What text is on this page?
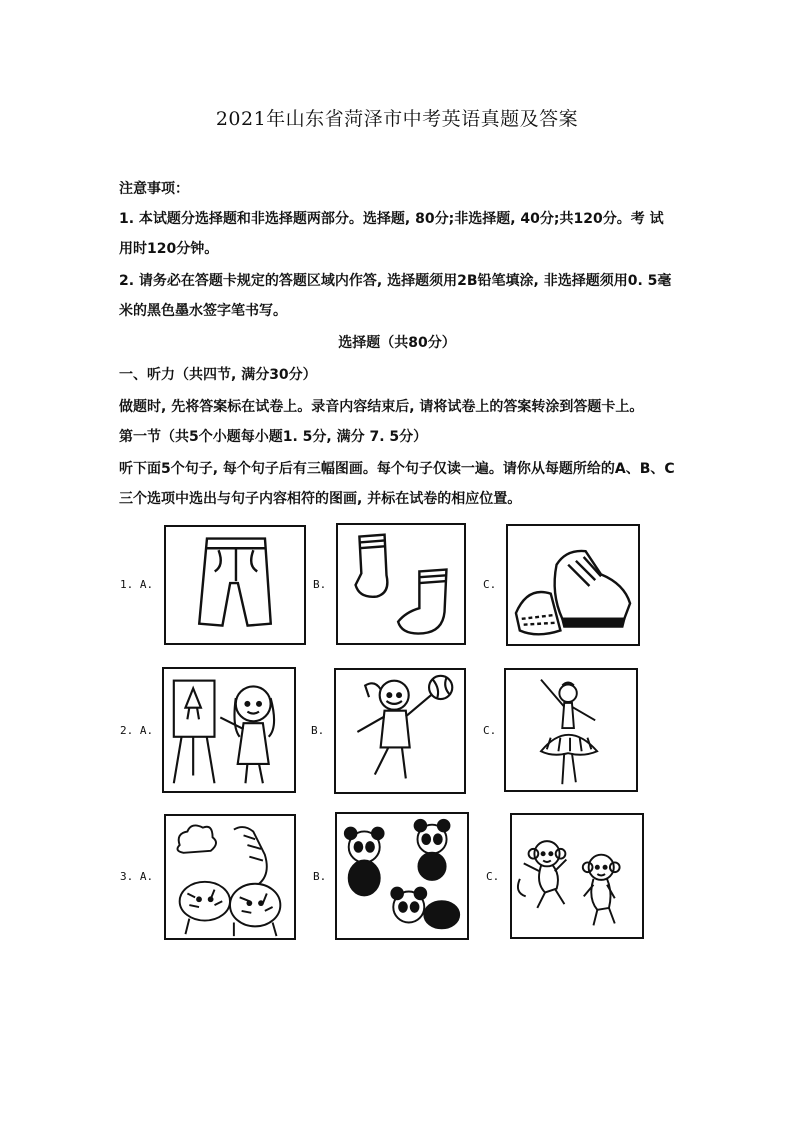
2021年山东省菏泽市中考英语真题及答案
注意事项：
1. 本试题分选择题和非选择题两部分。选择题, 80分;非选择题, 40分;共120分。考 试
用时120分钟。
2. 请务必在答题卡规定的答题区域内作答, 选择题须用2B铅笔填涂, 非选择题须用0. 5毫
米的黑色墨水签字笔书写。
选择题（共80分）
一、听力（共四节, 满分30分）
做题时, 先将答案标在试卷上。录音内容结束后, 请将试卷上的答案转涂到答题卡上。
第一节（共5个小题每小题1. 5分, 满分 7. 5分）
听下面5个句子, 每个句子后有三幅图画。每个句子仅读一遍。请你从每题所给的A、B、C
三个选项中选出与句子内容相符的图画, 并标在试卷的相应位置。
1. A.	B.	C.
2. A.	B.	C.
3. A.	B.	C.
